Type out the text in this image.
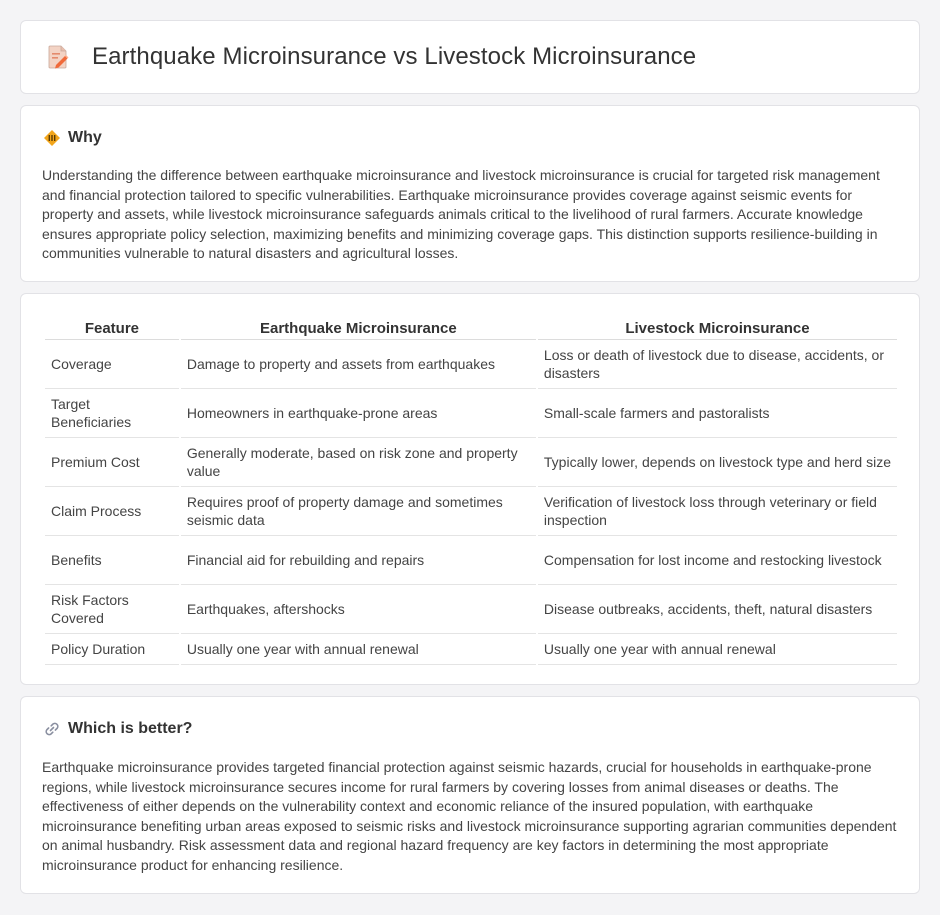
Earthquake Microinsurance vs Livestock Microinsurance
Why

Understanding the difference between earthquake microinsurance and livestock microinsurance is crucial for targeted risk management and financial protection tailored to specific vulnerabilities. Earthquake microinsurance provides coverage against seismic events for property and assets, while livestock microinsurance safeguards animals critical to the livelihood of rural farmers. Accurate knowledge ensures appropriate policy selection, maximizing benefits and minimizing coverage gaps. This distinction supports resilience-building in communities vulnerable to natural disasters and agricultural losses.

Feature	Earthquake Microinsurance	Livestock Microinsurance
Coverage	Damage to property and assets from earthquakes	Loss or death of livestock due to disease, accidents, or disasters
Target Beneficiaries	Homeowners in earthquake-prone areas	Small-scale farmers and pastoralists
Premium Cost	Generally moderate, based on risk zone and property value	Typically lower, depends on livestock type and herd size
Claim Process	Requires proof of property damage and sometimes seismic data	Verification of livestock loss through veterinary or field inspection
Benefits	Financial aid for rebuilding and repairs	Compensation for lost income and restocking livestock
Risk Factors Covered	Earthquakes, aftershocks	Disease outbreaks, accidents, theft, natural disasters
Policy Duration	Usually one year with annual renewal	Usually one year with annual renewal
Which is better?

Earthquake microinsurance provides targeted financial protection against seismic hazards, crucial for households in earthquake-prone regions, while livestock microinsurance secures income for rural farmers by covering losses from animal diseases or deaths. The effectiveness of either depends on the vulnerability context and economic reliance of the insured population, with earthquake microinsurance benefiting urban areas exposed to seismic risks and livestock microinsurance supporting agrarian communities dependent on animal husbandry. Risk assessment data and regional hazard frequency are key factors in determining the most appropriate microinsurance product for enhancing resilience.
